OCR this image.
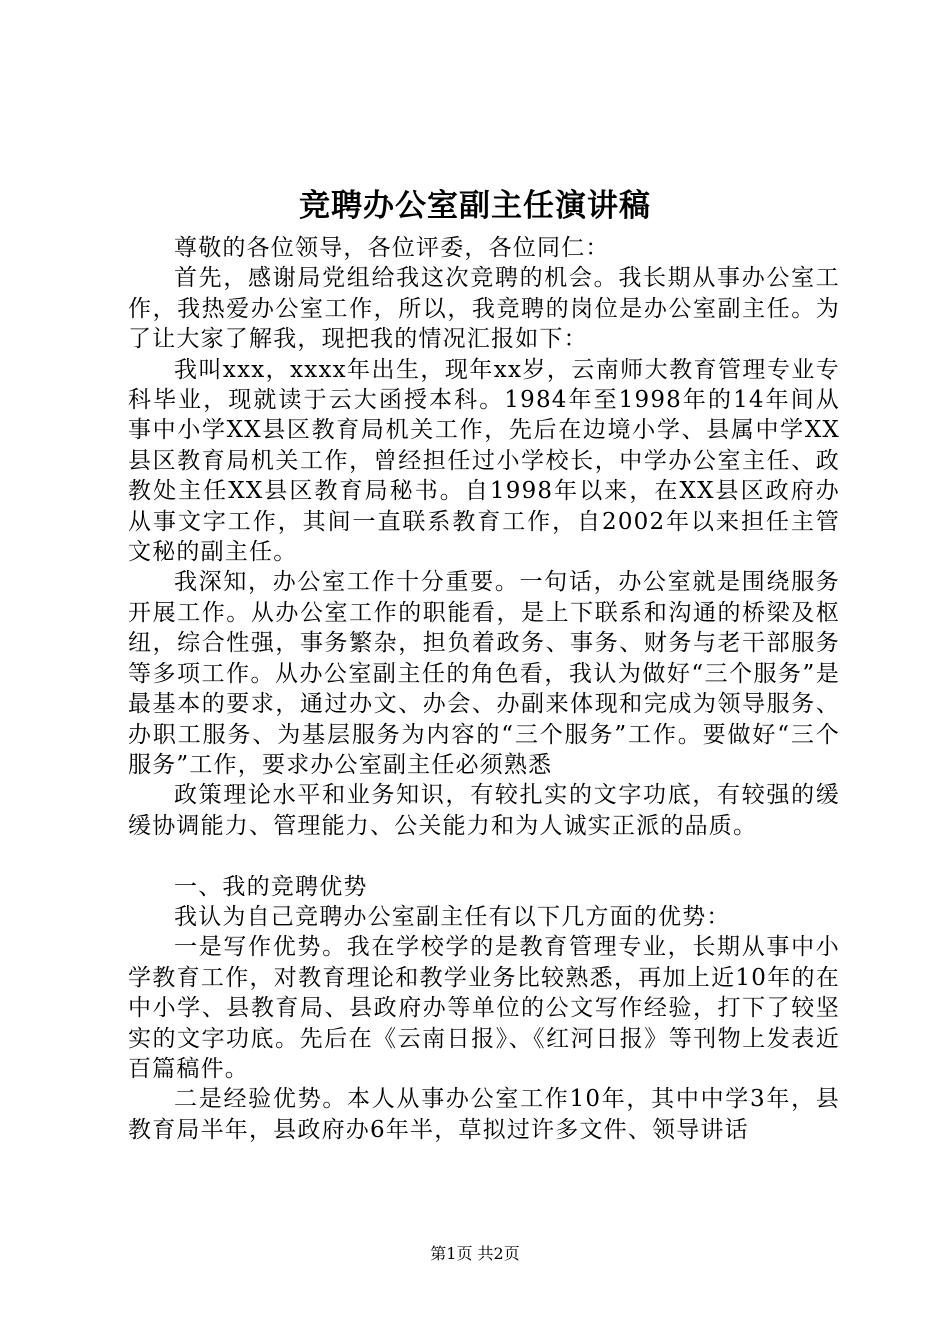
竞聘办公室副主任演讲稿

尊敬的各位领导，各位评委，各位同仁：

首先，感谢局党组给我这次竞聘的机会。我长期从事办公室工作，我热爱办公室工作，所以，我竞聘的岗位是办公室副主任。为了让大家了解我，现把我的情况汇报如下：

我叫xxx，xxxx年出生，现年xx岁，云南师大教育管理专业专科毕业，现就读于云大函授本科。1984年至1998年的14年间从事中小学XX县区教育局机关工作，先后在边境小学、县属中学XX县区教育局机关工作，曾经担任过小学校长，中学办公室主任、政教处主任XX县区教育局秘书。自1998年以来，在XX县区政府办从事文字工作，其间一直联系教育工作，自2002年以来担任主管文秘的副主任。

我深知，办公室工作十分重要。一句话，办公室就是围绕服务开展工作。从办公室工作的职能看，是上下联系和沟通的桥梁及枢纽，综合性强，事务繁杂，担负着政务、事务、财务与老干部服务等多项工作。从办公室副主任的角色看，我认为做好“三个服务”是最基本的要求，通过办文、办会、办副来体现和完成为领导服务、办职工服务、为基层服务为内容的“三个服务”工作。要做好“三个服务”工作，要求办公室副主任必须熟悉

政策理论水平和业务知识，有较扎实的文字功底，有较强的缓缓协调能力、管理能力、公关能力和为人诚实正派的品质。

一、我的竞聘优势

我认为自己竞聘办公室副主任有以下几方面的优势：

一是写作优势。我在学校学的是教育管理专业，长期从事中小学教育工作，对教育理论和教学业务比较熟悉，再加上近10年的在中小学、县教育局、县政府办等单位的公文写作经验，打下了较坚实的文字功底。先后在《云南日报》、《红河日报》等刊物上发表近百篇稿件。

二是经验优势。本人从事办公室工作10年，其中中学3年，县教育局半年，县政府办6年半，草拟过许多文件、领导讲话

第1页 共2页
